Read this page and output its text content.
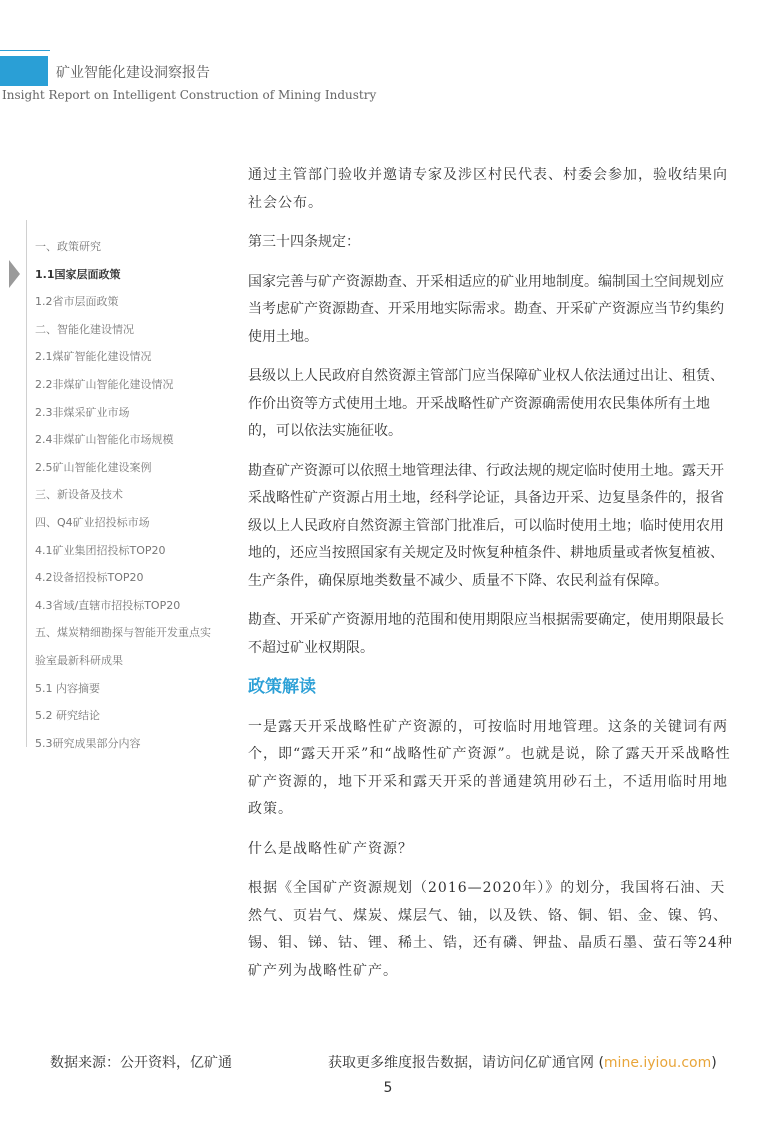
矿业智能化建设洞察报告
Insight Report on Intelligent Construction of Mining Industry
一、政策研究
1.1国家层面政策
1.2省市层面政策
二、智能化建设情况
2.1煤矿智能化建设情况
2.2非煤矿山智能化建设情况
2.3非煤采矿业市场
2.4非煤矿山智能化市场规模
2.5矿山智能化建设案例
三、新设备及技术
四、Q4矿业招投标市场
4.1矿业集团招投标TOP20
4.2设备招投标TOP20
4.3省域/直辖市招投标TOP20
五、煤炭精细勘探与智能开发重点实
验室最新科研成果
5.1 内容摘要
5.2 研究结论
5.3研究成果部分内容

通过主管部门验收并邀请专家及涉区村民代表、村委会参加，验收结果向社会公布。

第三十四条规定：

国家完善与矿产资源勘查、开采相适应的矿业用地制度。编制国土空间规划应当考虑矿产资源勘查、开采用地实际需求。勘查、开采矿产资源应当节约集约使用土地。

县级以上人民政府自然资源主管部门应当保障矿业权人依法通过出让、租赁、作价出资等方式使用土地。开采战略性矿产资源确需使用农民集体所有土地的，可以依法实施征收。

勘查矿产资源可以依照土地管理法律、行政法规的规定临时使用土地。露天开采战略性矿产资源占用土地，经科学论证，具备边开采、边复垦条件的，报省级以上人民政府自然资源主管部门批准后，可以临时使用土地；临时使用农用地的，还应当按照国家有关规定及时恢复种植条件、耕地质量或者恢复植被、生产条件，确保原地类数量不减少、质量不下降、农民利益有保障。

勘查、开采矿产资源用地的范围和使用期限应当根据需要确定，使用期限最长不超过矿业权期限。

政策解读

一是露天开采战略性矿产资源的，可按临时用地管理。这条的关键词有两个，即“露天开采”和“战略性矿产资源”。也就是说，除了露天开采战略性矿产资源的，地下开采和露天开采的普通建筑用砂石土，不适用临时用地政策。

什么是战略性矿产资源？

根据《全国矿产资源规划（2016—2020年）》的划分，我国将石油、天然气、页岩气、煤炭、煤层气、铀，以及铁、铬、铜、铝、金、镍、钨、锡、钼、锑、钴、锂、稀土、锆，还有磷、钾盐、晶质石墨、萤石等24种矿产列为战略性矿产。

数据来源：公开资料，亿矿通	获取更多维度报告数据，请访问亿矿通官网 (mine.iyiou.com)
5
